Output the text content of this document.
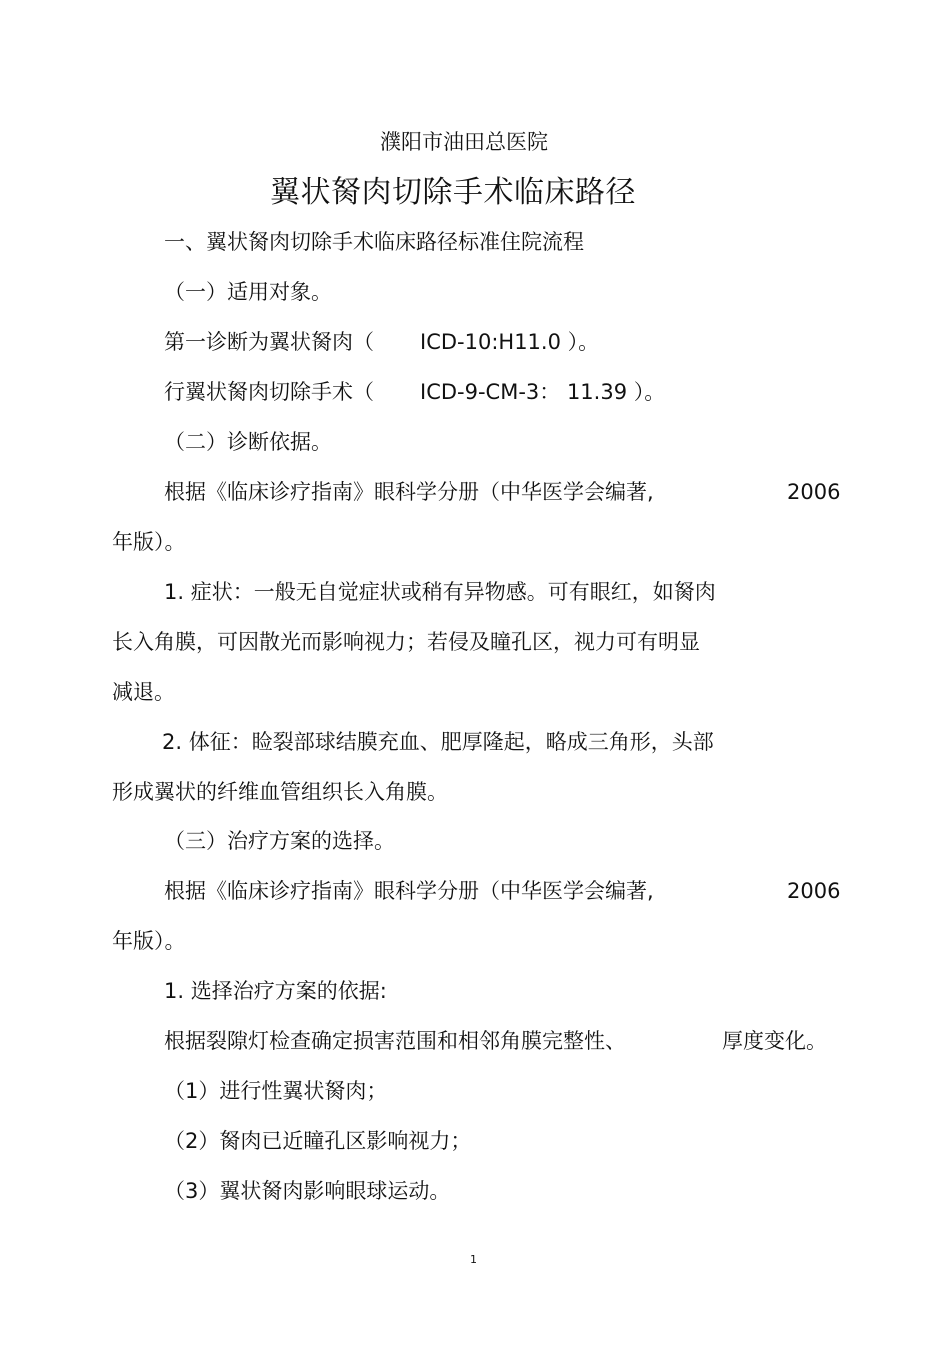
濮阳市油田总医院
翼状胬肉切除手术临床路径
一、翼状胬肉切除手术临床路径标准住院流程
（一）适用对象。
第一诊断为翼状胬肉（ ICD-10:H11.0 ）。
行翼状胬肉切除手术（ ICD-9-CM-3： 11.39 ）。
（二）诊断依据。
根据《临床诊疗指南》眼科学分册（中华医学会编著,	2006
年版）。
1. 症状：一般无自觉症状或稍有异物感。可有眼红，如胬肉
长入角膜，可因散光而影响视力；若侵及瞳孔区，视力可有明显
减退。
2. 体征：睑裂部球结膜充血、肥厚隆起，略成三角形，头部
形成翼状的纤维血管组织长入角膜。
（三）治疗方案的选择。
根据《临床诊疗指南》眼科学分册（中华医学会编著,	2006
年版）。
1. 选择治疗方案的依据:
根据裂隙灯检查确定损害范围和相邻角膜完整性、	厚度变化。
（1）进行性翼状胬肉；
（2）胬肉已近瞳孔区影响视力；
（3）翼状胬肉影响眼球运动。
1
